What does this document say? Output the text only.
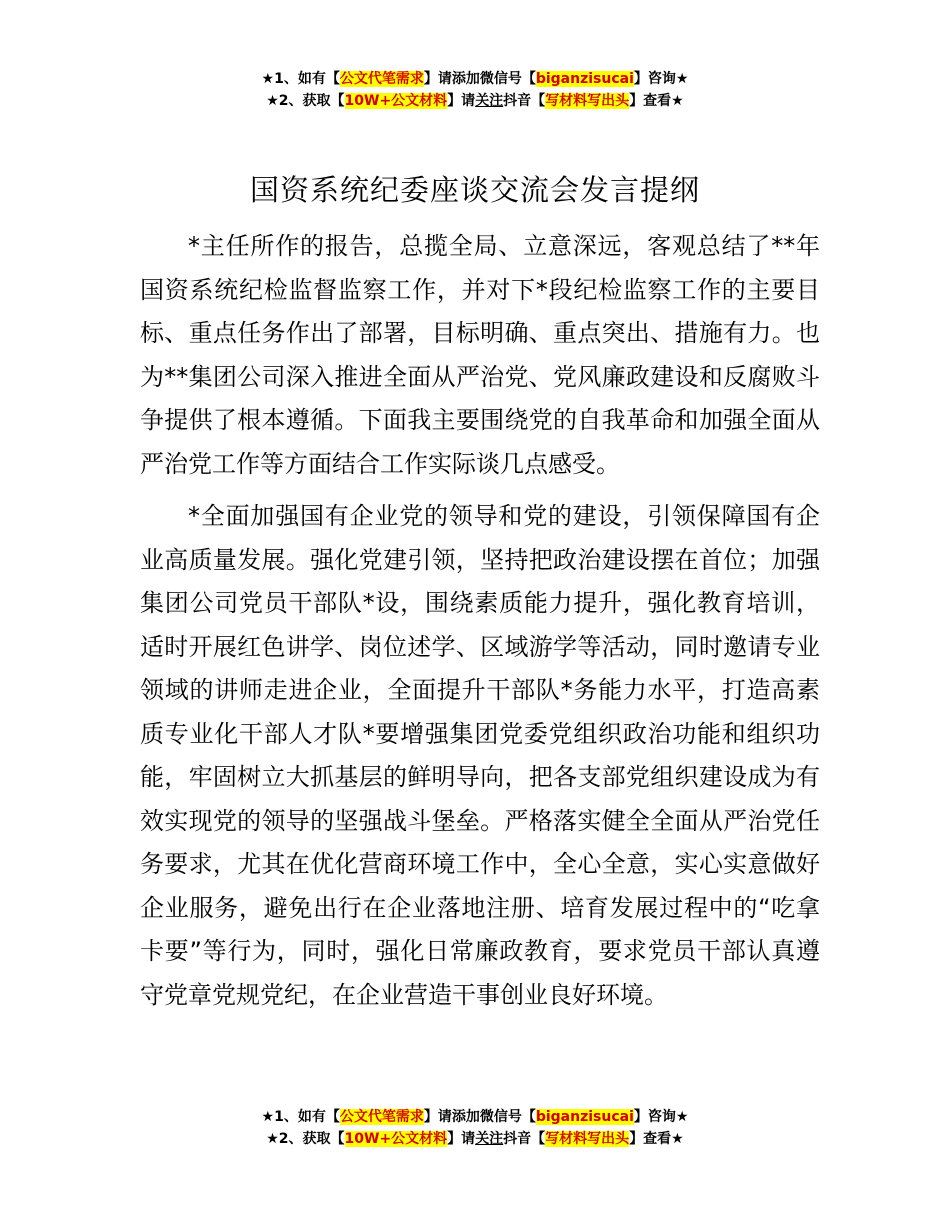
★1、如有【公文代笔需求】请添加微信号【biganzisucai】咨询★
★2、获取【10W+公文材料】请关注抖音【写材料写出头】查看★
国资系统纪委座谈交流会发言提纲

*主任所作的报告，总揽全局、立意深远，客观总结了**年国资系统纪检监督监察工作，并对下*段纪检监察工作的主要目标、重点任务作出了部署，目标明确、重点突出、措施有力。也为**集团公司深入推进全面从严治党、党风廉政建设和反腐败斗争提供了根本遵循。下面我主要围绕党的自我革命和加强全面从严治党工作等方面结合工作实际谈几点感受。

*全面加强国有企业党的领导和党的建设，引领保障国有企业高质量发展。强化党建引领，坚持把政治建设摆在首位；加强集团公司党员干部队*设，围绕素质能力提升，强化教育培训，适时开展红色讲学、岗位述学、区域游学等活动，同时邀请专业领域的讲师走进企业，全面提升干部队*务能力水平，打造高素质专业化干部人才队*要增强集团党委党组织政治功能和组织功能，牢固树立大抓基层的鲜明导向，把各支部党组织建设成为有效实现党的领导的坚强战斗堡垒。严格落实健全全面从严治党任务要求，尤其在优化营商环境工作中，全心全意，实心实意做好企业服务，避免出行在企业落地注册、培育发展过程中的“吃拿卡要”等行为，同时，强化日常廉政教育，要求党员干部认真遵守党章党规党纪，在企业营造干事创业良好环境。

★1、如有【公文代笔需求】请添加微信号【biganzisucai】咨询★
★2、获取【10W+公文材料】请关注抖音【写材料写出头】查看★
